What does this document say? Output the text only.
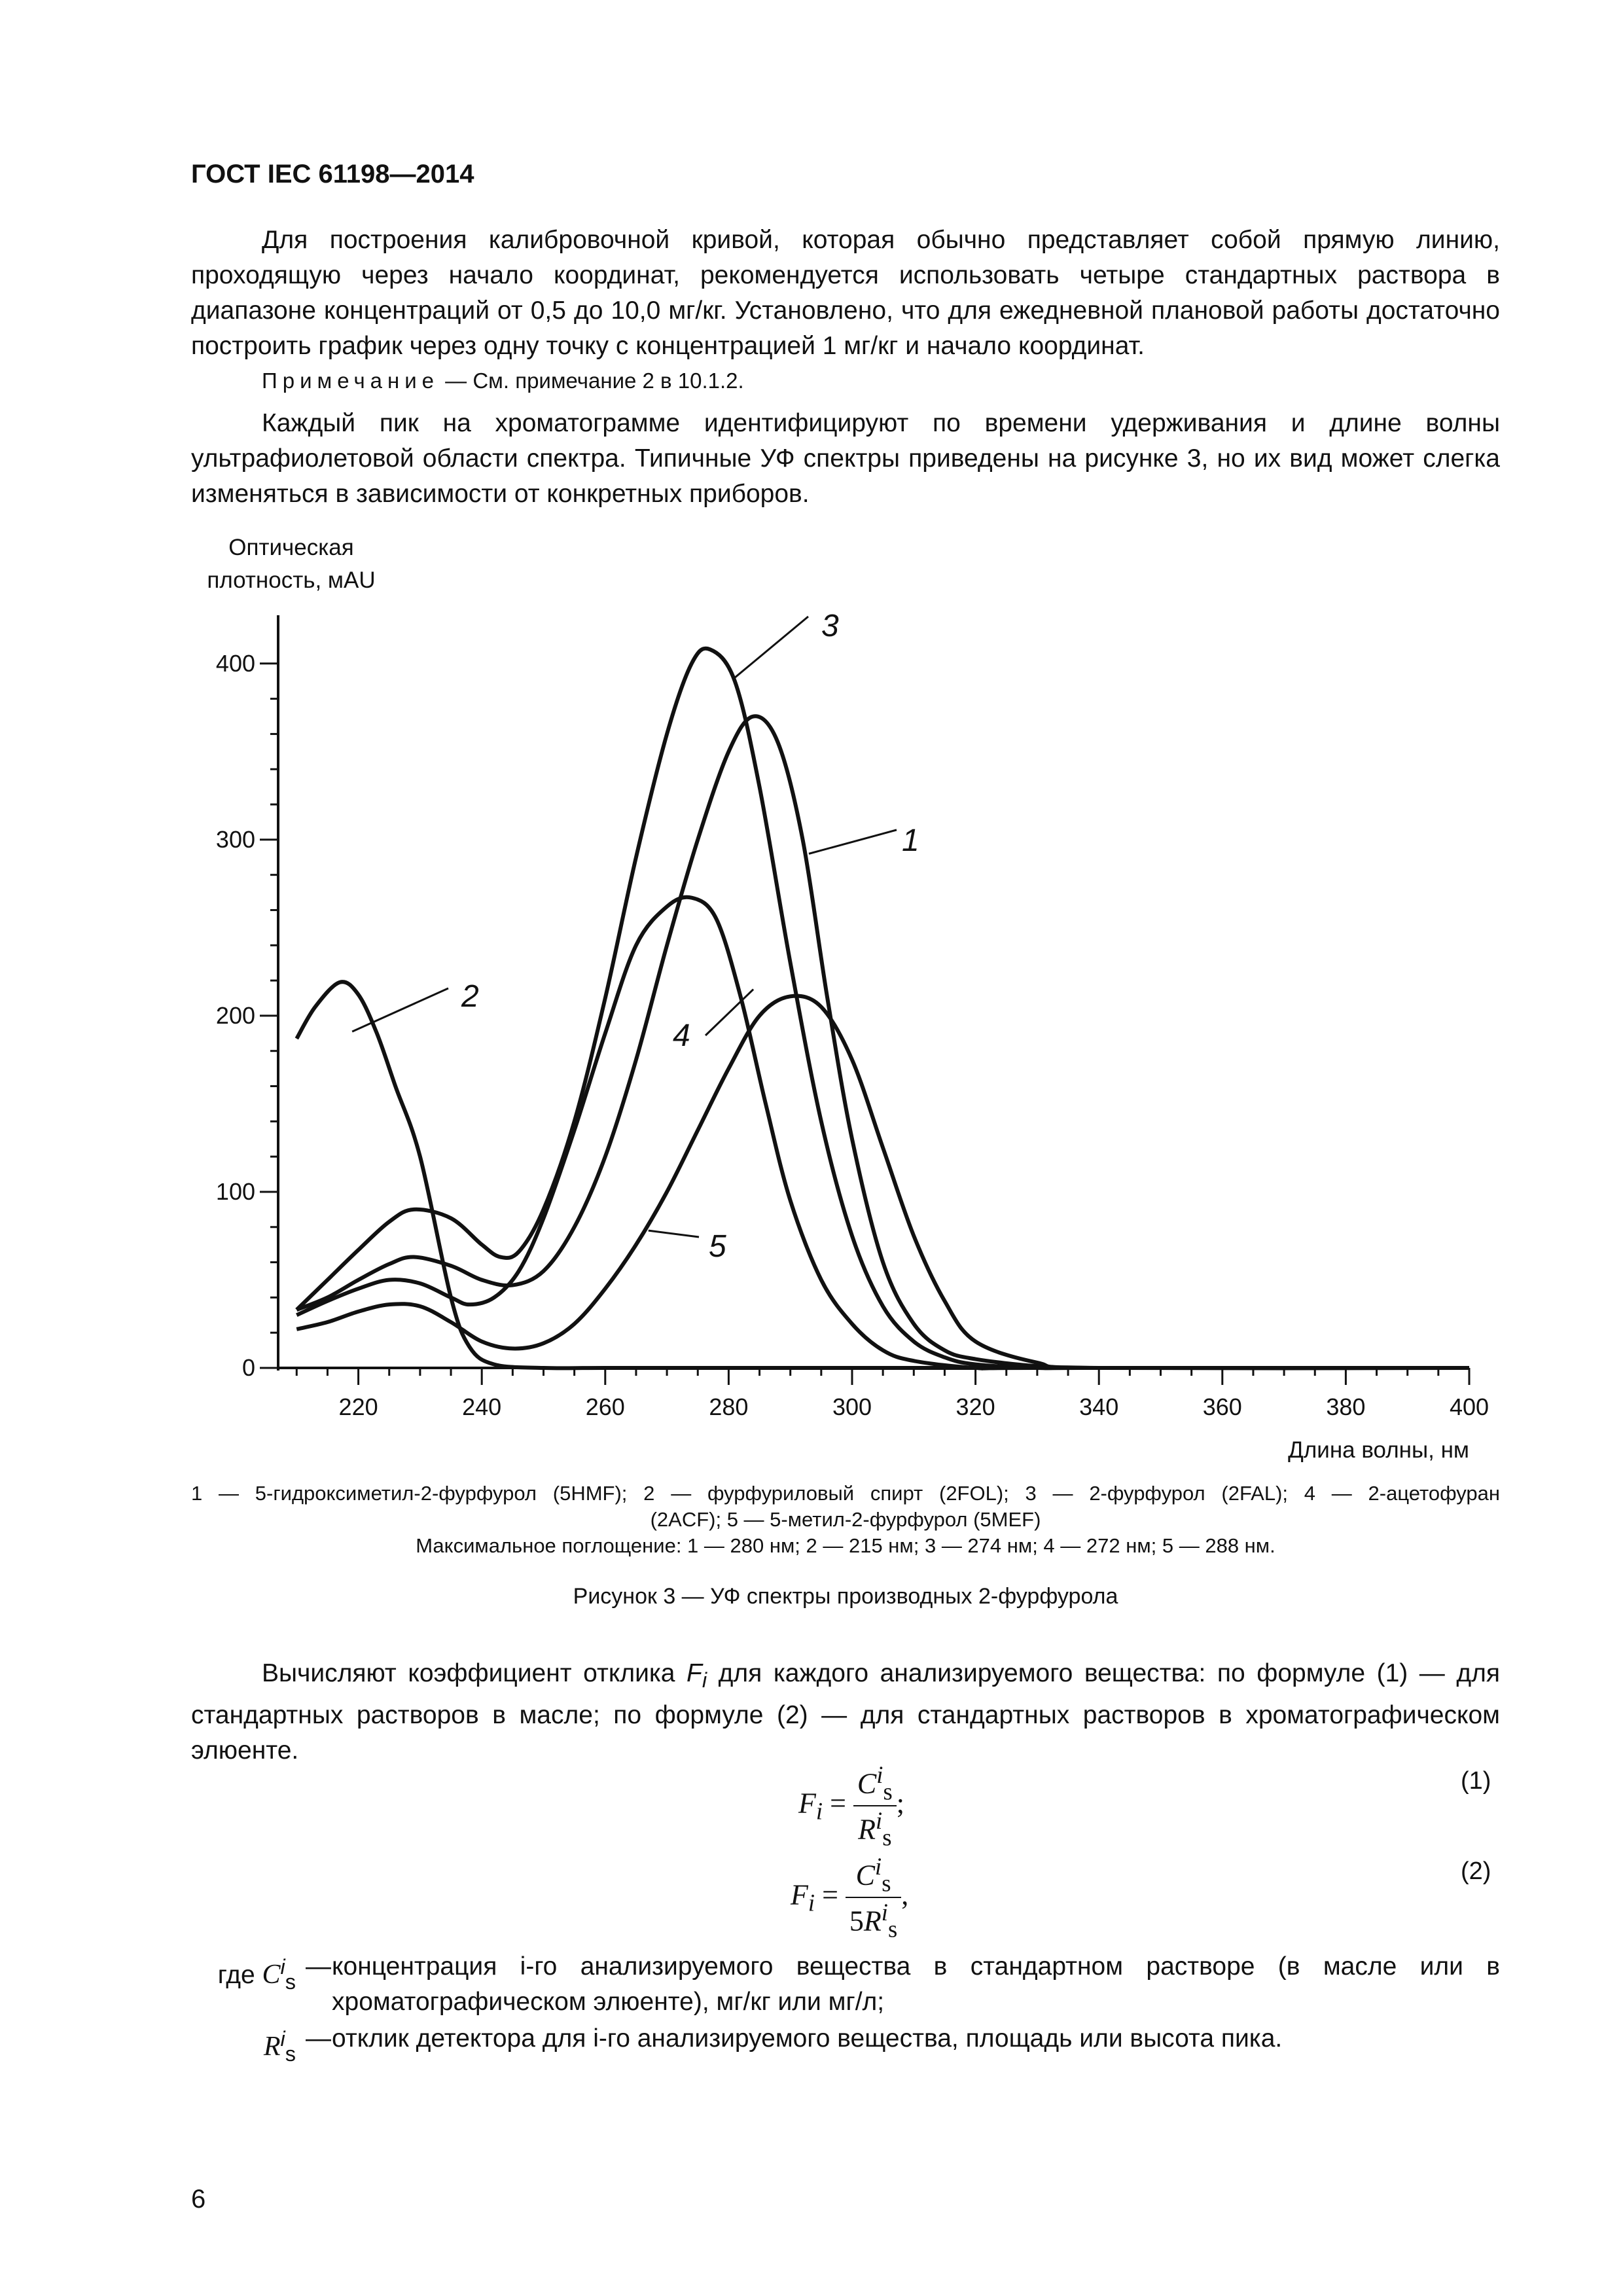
ГОСТ IEC 61198—2014

Для построения калибровочной кривой, которая обычно представляет собой прямую линию, проходящую через начало координат, рекомендуется использовать четыре стандартных раствора в диапазоне концентраций от 0,5 до 10,0 мг/кг. Установлено, что для ежедневной плановой работы достаточно построить график через одну точку с концентрацией 1 мг/кг и начало координат.

Примечание — См. примечание 2 в 10.1.2.

Каждый пик на хроматограмме идентифицируют по времени удерживания и длине волны ультрафиолетовой области спектра. Типичные УФ спектры приведены на рисунке 3, но их вид может слегка изменяться в зависимости от конкретных приборов.

0
100
200
300
400
220	240	260	280	300	320	340	360	380	400
Оптическая
плотность, мAU
Длина волны, нм
3
1
2
4
5
1 — 5-гидроксиметил-2-фурфурол (5HMF); 2 — фурфуриловый спирт (2FOL); 3 — 2-фурфурол (2FAL); 4 — 2-ацетофуран
(2ACF); 5 — 5-метил-2-фурфурол (5MEF)
Максимальное поглощение: 1 — 280 нм; 2 — 215 нм; 3 — 274 нм; 4 — 272 нм; 5 — 288 нм.
Рисунок 3 — УФ спектры производных 2-фурфурола

Вычисляют коэффициент отклика $F_i$ для каждого анализируемого вещества: по формуле (1) — для стандартных растворов в масле; по формуле (2) — для стандартных растворов в хроматографическом элюенте.

$F_i = \frac{C^i_s}{R^i_s}$ ;
(1)
$F_i = \frac{C^i_s}{5R^i_s}$ ,
(2)
где $C^i_s$
— концентрация i-го анализируемого вещества в стандартном растворе (в масле или в хроматографическом элюенте), мг/кг или мг/л;
$R^i_s$
— отклик детектора для i-го анализируемого вещества, площадь или высота пика.
6
